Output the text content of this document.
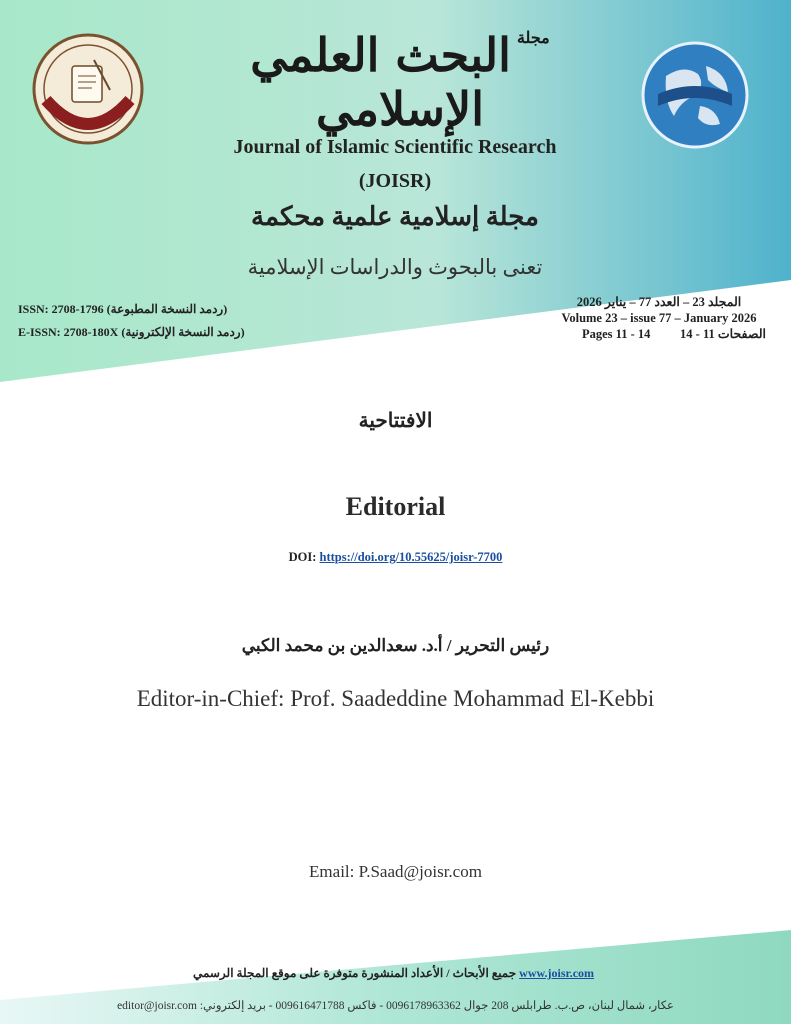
$^{مجلة}$البحث العلمي الإسلامي
Journal of Islamic Scientific Research
(JOISR)
مجلة إسلامية علمية محكمة
تعنى بالبحوث والدراسات الإسلامية
ISSN: 2708-1796 (ردمد النسخة المطبوعة)
E-ISSN: 2708-180X (ردمد النسخة الإلكترونية)
المجلد 23 – العدد 77 – يناير 2026
Volume 23 – issue 77 – January 2026
Pages 11 - 14 الصفحات 11 - 14
الافتتاحية
Editorial
DOI: https://doi.org/10.55625/joisr-7700
رئيس التحرير / أ.د. سعدالدين بن محمد الكبي
Editor-in-Chief: Prof. Saadeddine Mohammad El-Kebbi
Email: P.Saad@joisr.com
جميع الأبحاث / الأعداد المنشورة متوفرة على موقع المجلة الرسمي www.joisr.com
عكار، شمال لبنان، ص.ب. طرابلس 208 جوال 0096178963362 - فاكس 009616471788 - بريد إلكتروني: editor@joisr.com
